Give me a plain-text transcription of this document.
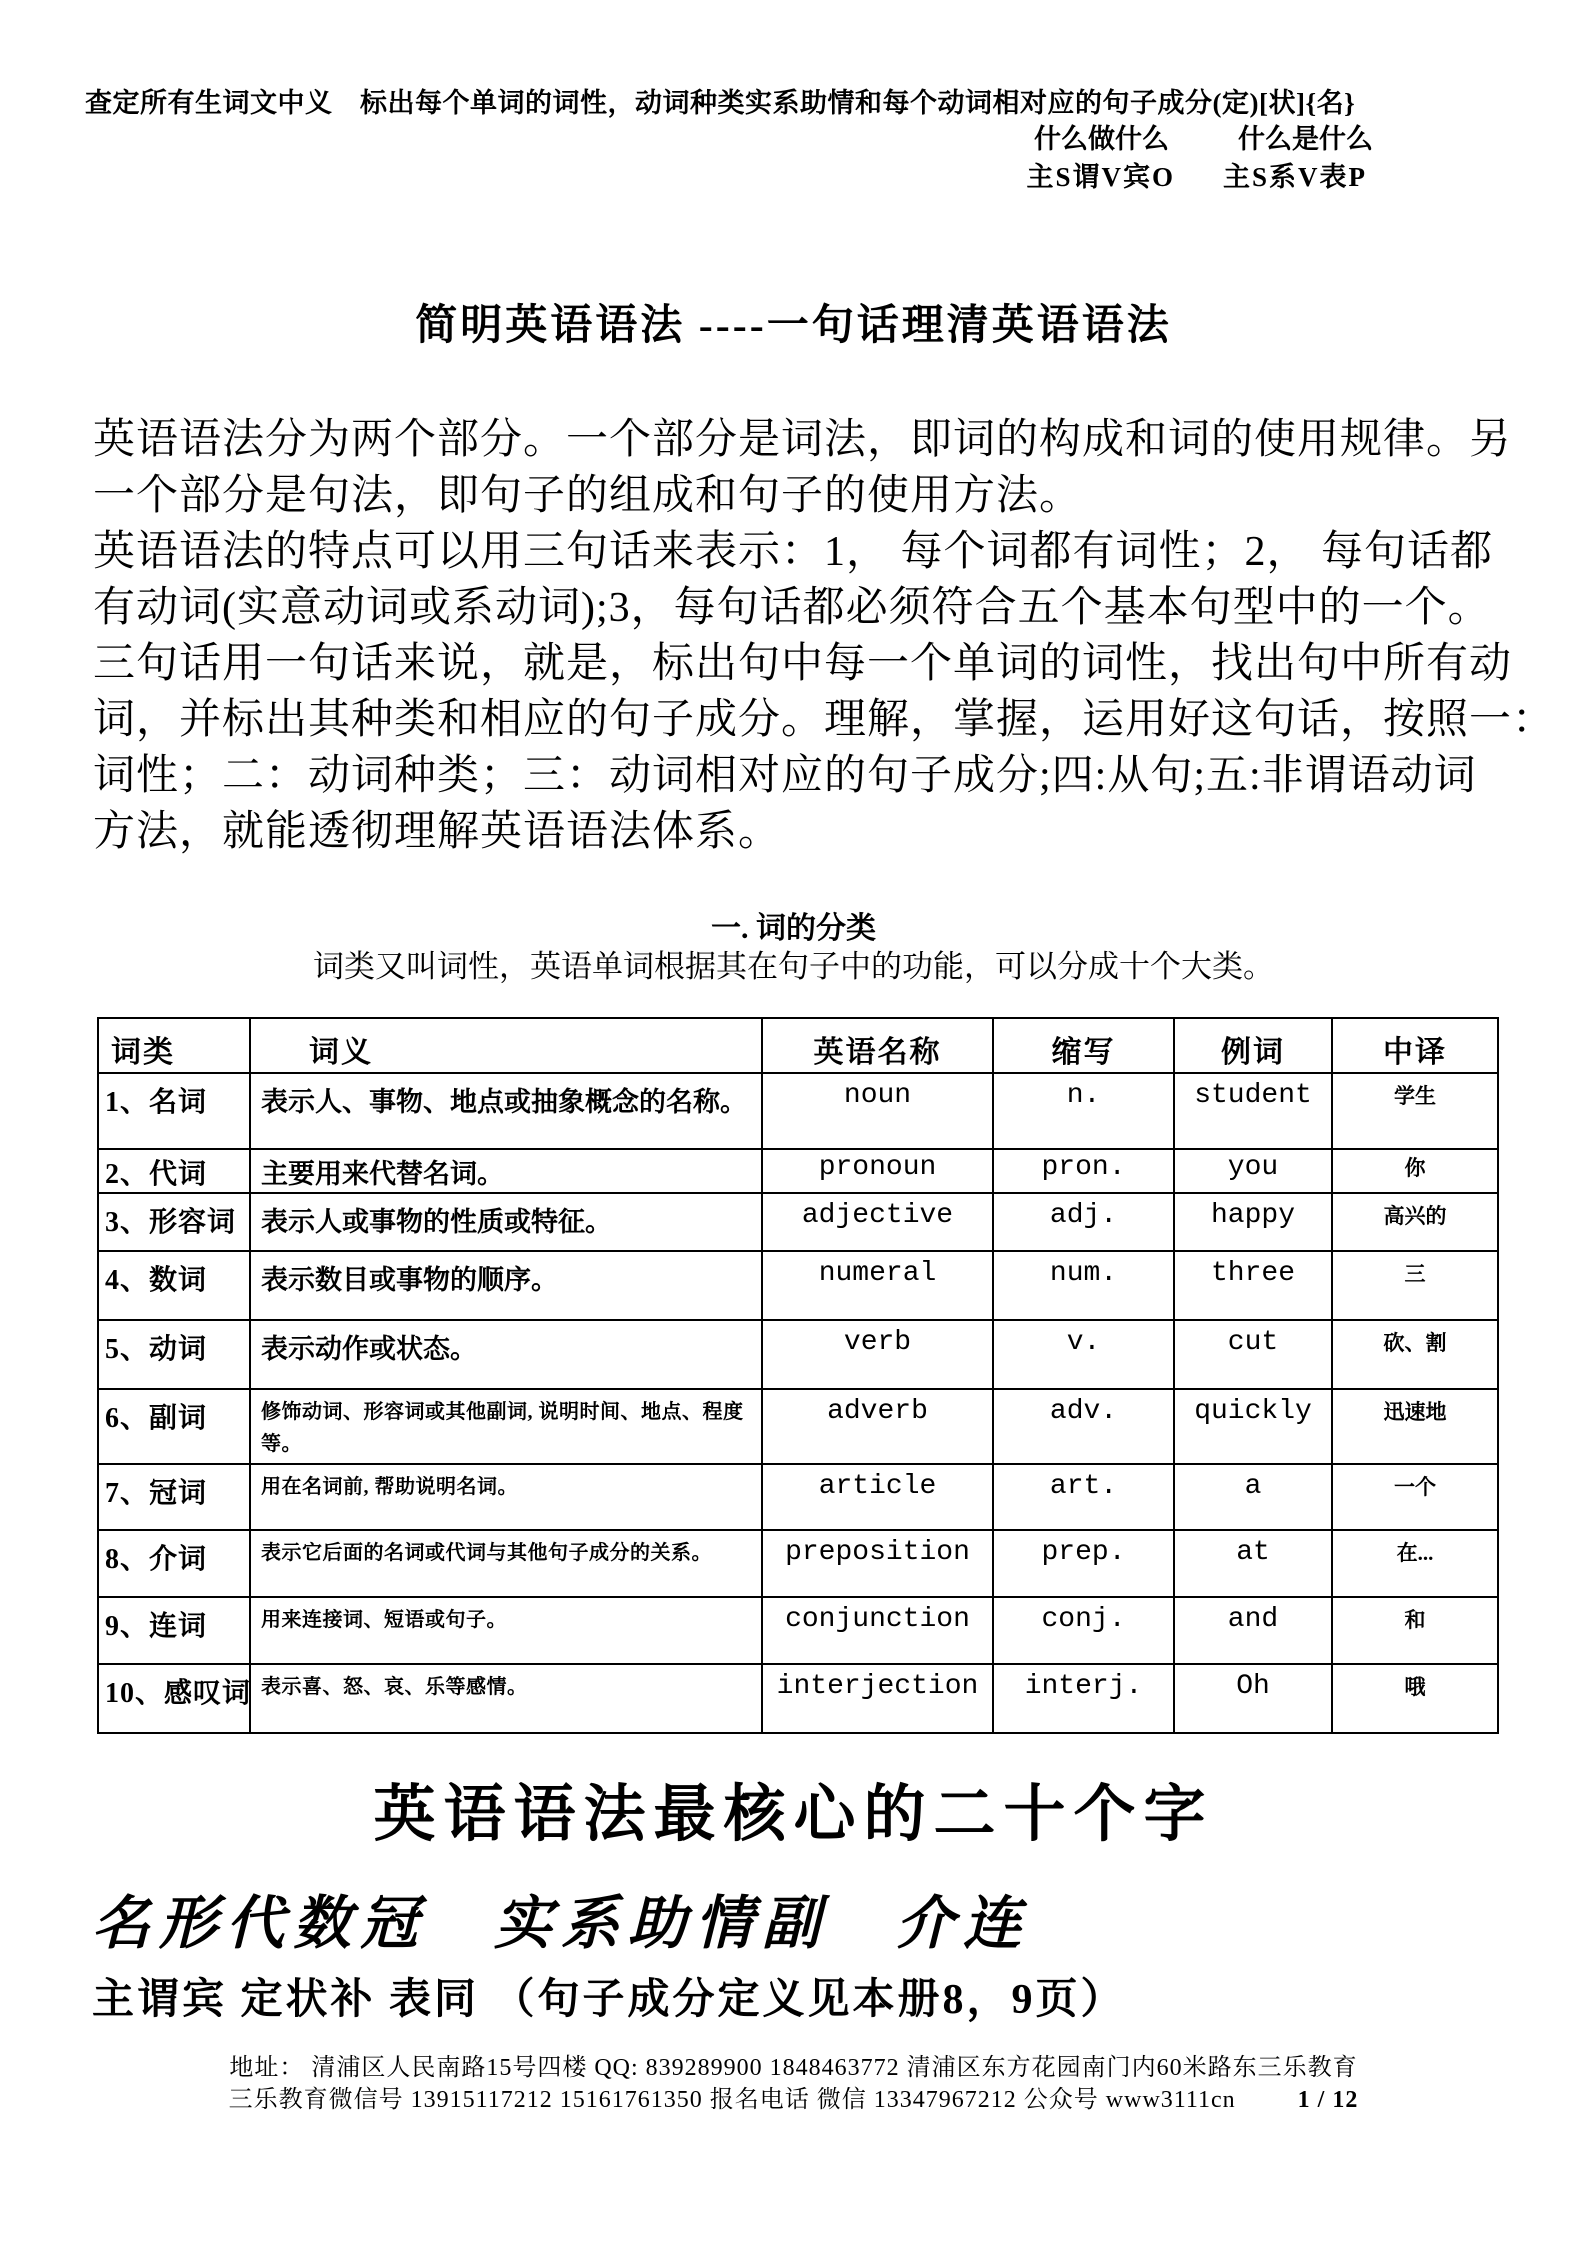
查定所有生词文中义　标出每个单词的词性，动词种类实系助情和每个动词相对应的句子成分(定)[状]{名}
什么做什么	什么是什么
主S谓V宾O 主S系V表P
简明英语语法 ----一句话理清英语语法
英语语法分为两个部分。一个部分是词法，即词的构成和词的使用规律。另
一个部分是句法，即句子的组成和句子的使用方法。
英语语法的特点可以用三句话来表示：1， 每个词都有词性；2， 每句话都
有动词(实意动词或系动词);3，每句话都必须符合五个基本句型中的一个。
三句话用一句话来说，就是，标出句中每一个单词的词性，找出句中所有动
词，并标出其种类和相应的句子成分。理解，掌握，运用好这句话，按照一：
词性；二：动词种类；三：动词相对应的句子成分;四:从句;五:非谓语动词
方法，就能透彻理解英语语法体系。
一. 词的分类
词类又叫词性，英语单词根据其在句子中的功能，可以分成十个大类。
词类	词义	英语名称	缩写	例词	中译
1、名词	表示人、事物、地点或抽象概念的名称。	noun	n.	student	学生
2、代词	主要用来代替名词。	pronoun	pron.	you	你
3、形容词	表示人或事物的性质或特征。	adjective	adj.	happy	高兴的
4、数词	表示数目或事物的顺序。	numeral	num.	three	三
5、动词	表示动作或状态。	verb	v.	cut	砍、割
6、副词	修饰动词、形容词或其他副词, 说明时间、地点、程度等。	adverb	adv.	quickly	迅速地
7、冠词	用在名词前, 帮助说明名词。	article	art.	a	一个
8、介词	表示它后面的名词或代词与其他句子成分的关系。	preposition	prep.	at	在...
9、连词	用来连接词、短语或句子。	conjunction	conj.	and	和
10、感叹词	表示喜、怒、哀、乐等感情。	interjection	interj.	Oh	哦
英语语法最核心的二十个字
名形代数冠　实系助情副　介连
主谓宾 定状补 表同 （句子成分定义见本册8，9页）
地址： 清浦区人民南路15号四楼 QQ: 839289900 1848463772 清浦区东方花园南门内60米路东三乐教育
三乐教育微信号 13915117212 15161761350 报名电话 微信 13347967212 公众号 www3111cn	1 / 12
